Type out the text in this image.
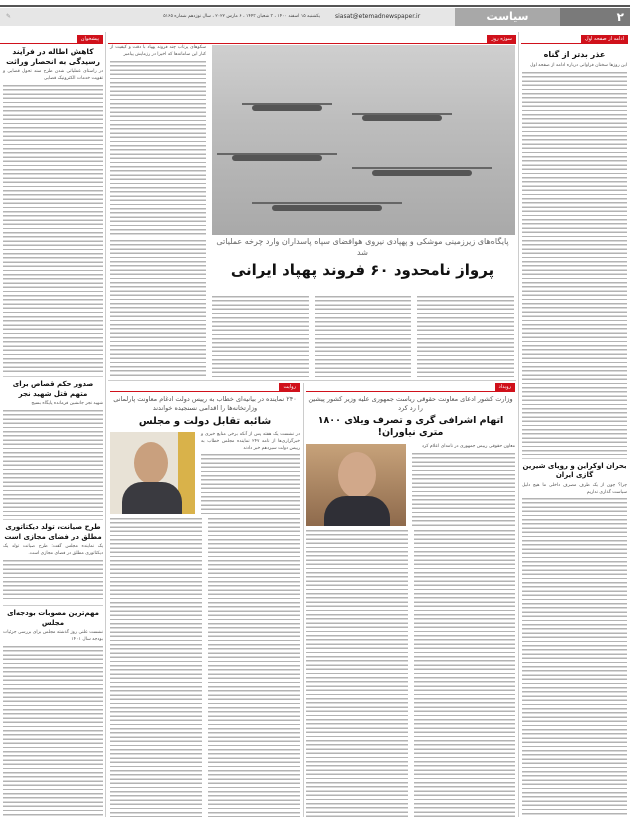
۲
سیاست
siasat@etemadnewspaper.ir
یکشنبه ۱۵ اسفند ۱۴۰۰ ، ۳ شعبان ۱۴۴۳ ، ۶ مارس ۲۰۲۲ ، سال نوزدهم شماره ۵۱۶۵
✎
پیشخوان	سوژه روز	ادامه از صفحه اول
کاهش اطاله در فرآیند رسیدگی به انحصار وراثت
در راستای عملیاتی شدن طرح سند تحول قضایی و تقویت خدمات الکترونیک قضایی
صدور حکم قصاص برای متهم قتل شهید نجر
شهید نجر جانشین فرمانده پایگاه بسیج
طرح صیانت، تولد دیکتاتوری مطلق در فضای مجازی است
یک نماینده مجلس گفت: طرح صیانت تولد یک دیکتاتوری مطلق در فضای مجازی است.
مهم‌ترین مصوبات بودجه‌ای مجلس
نشست علنی روز گذشته مجلس برای بررسی جزئیات بودجه سال ۱۴۰۱
سکوهای پرتاب چند فروند پهپاد با دقت و کیفیت از کنار این سامانه‌ها که اخیرا در رزمایش پیامبر
پایگاه‌های زیرزمینی موشکی و پهپادی نیروی هوافضای سپاه پاسداران وارد چرخه عملیاتی شد
پرواز نامحدود ۶۰ فروند پهپاد ایرانی
روایت
۲۴۰ نماینده در بیانیه‌ای خطاب به رییس دولت ادغام معاونت پارلمانی وزارتخانه‌ها را اقدامی نسنجیده خواندند
شائبه تقابل دولت و مجلس
در نشست یک هفته پس از آنکه برخی منابع خبری و خبرگزاری‌ها از نامه ۲۴۷ نماینده مجلس خطاب به رییس دولت سیزدهم خبر دادند
رویداد
وزارت کشور ادعای معاونت حقوقی ریاست جمهوری علیه وزیر کشور پیشین را رد کرد
اتهام اشرافی گری و تصرف ویلای ۱۸۰۰ متری نیاوران!
معاون حقوقی رییس جمهوری در نامه‌ای اعلام کرد
عذر بدتر از گناه
این روزها سخنان فراوانی درباره ادامه از صفحه اول
بحران اوکراین و رویای شیرین گازی ایران
چرا؟ چون از یک طرف مصرف داخلی ما هیچ دلیل سیاست گذاری نداریم
